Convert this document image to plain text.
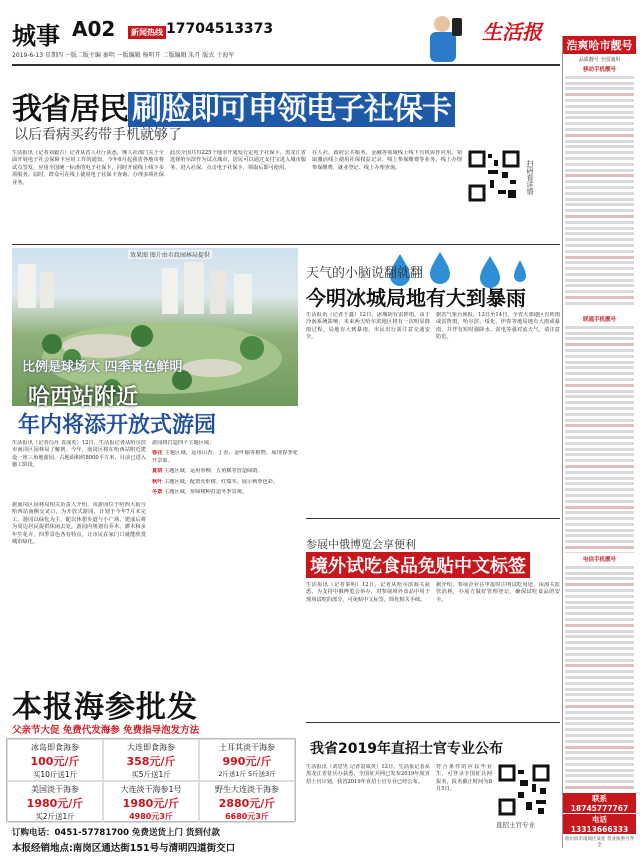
城事 A02	新闻热线 17704513373
2019-6-13 星期四 一版二版主编 秦明 一版编辑 杨明开 二版编辑 朱月 版式 于海军
生活报
我省居民 刷脸即可申领电子社保卡
以后看病买药带手机就够了
生活报讯（记者刘毅吉）记者从省人社厅获悉，继人社部门关于全面开展电子社会保障卡应用工作的通知，今年6月起我省各地市将试点签发，应用全国统一标准的电子社保卡，同时开通线上线下多项服务。届时，群众可在线上使用电子社保卡查询、办理多项社保业务。
此次全国共有225个地市开通发行定电子社保卡，黑龙江省选择哈尔滨作为试点城市，居民可以通过支付宝进入城市服务、进入社保，点击电子社保卡，领取后即可使用。
在人社、政府公共服务、金融等领域线上线下有机协作应用。领取激活线上使用社保权益记录、线上参保缴费等业务。线上办理参保缴费、就业登记、线上办理查询。	扫码看详情
效果图 图片由市政园林局提供
比例是球场大 四季景色鲜明
哈西站附近
年内将添开放式游园
生活报讯（记者冯丹 袁成英）12日，生活报记者从哈尔滨市南岗区园林局了解到，今年，南岗区将在哈西站附近建设一座三角地游园，占地面积约8000平方米，目前已进入施工阶段。
据南岗区园林局相关负责人介绍，该游园位于哈西大街与哈西站南侧交叉口，为开放式游园，计划于今年7月末完工。游园以绿化为主，配以休憩步道与小广场，建成后将为周边居民提供休闲去处。游园内规划有乔木、灌木和多年生花卉，四季景色各有特点，让市民在家门口就能欣赏城市绿化。
游园将打造四个主题区域：
春花 主题区域，运用山杏、丁香、金叶榆等植物，展现春季花开景象。
夏荫 主题区域，运用垂柳、五角枫等营造绿荫。
秋叶 主题区域，配置火炬树、红瑞木，展示秋季色彩。
冬景 主题区域，常绿树种打造冬季景观。
天气的小脑说翻就翻
今明冰城局地有大到暴雨
生活报讯（记者于鑫）12日，冰城阴有雷阵雨。由于冷涡系统影响，未来两天哈尔滨地区将有一次明显降雨过程，局地有大到暴雨，市民出行需注意交通安全。
据省气象台预报，13日至14日，全省大部地区有阵雨或雷阵雨，哈尔滨、绥化、伊春等地局地有大雨或暴雨，并伴有短时强降水、雷电等强对流天气，请注意防范。
参展中俄博览会享便利
境外试吃食品免贴中文标签
生活报讯（记者秦明）12日，记者从哈尔滨海关获悉，为支持中俄博览会举办，对参展境外食品中用于现场试吃的部分，可免贴中文标签，简化相关手续。
据介绍，参展企业在申报时注明试吃用途，由海关监管消耗，办展方做好管理登记，确保试吃食品的安全。
本报海参批发
父亲节大促 免费代发海参 免费指导泡发方法
冰岛即食海参
100元/斤
买10斤送1斤
大连即食海参
358元/斤
买5斤送1斤
土耳其淡干海参
990元/斤
2斤送1斤 5斤送3斤
美国淡干海参
1980元/斤
买2斤送1斤
大连淡干海参1号
1980元/斤
4980元3斤
野生大连淡干海参
2880元/斤
6680元3斤
订购电话：0451-57781700 免费送货上门 货到付款
本报经销地点:南岗区通达街151号与清明四道街交口
我省2019年直招士官专业公布
生活报讯（刘思男 记者袁成英）12日，生活报记者从黑龙江省征兵办获悉，全国征兵网已发布2019年度直招士官计划，我省2019年直招士官专业已经公布。
符合条件的应届毕业生，可登录全国征兵网报名，报名截止时间为8月5日。
直招士官专业
浩爽哈市靓号
品质靓号 全国通用
移动手机靓号
联通手机靓号
电信手机靓号
联系 18745777767
电话 13313666333
哈尔滨市南岗区某处 营业执照号齐全
